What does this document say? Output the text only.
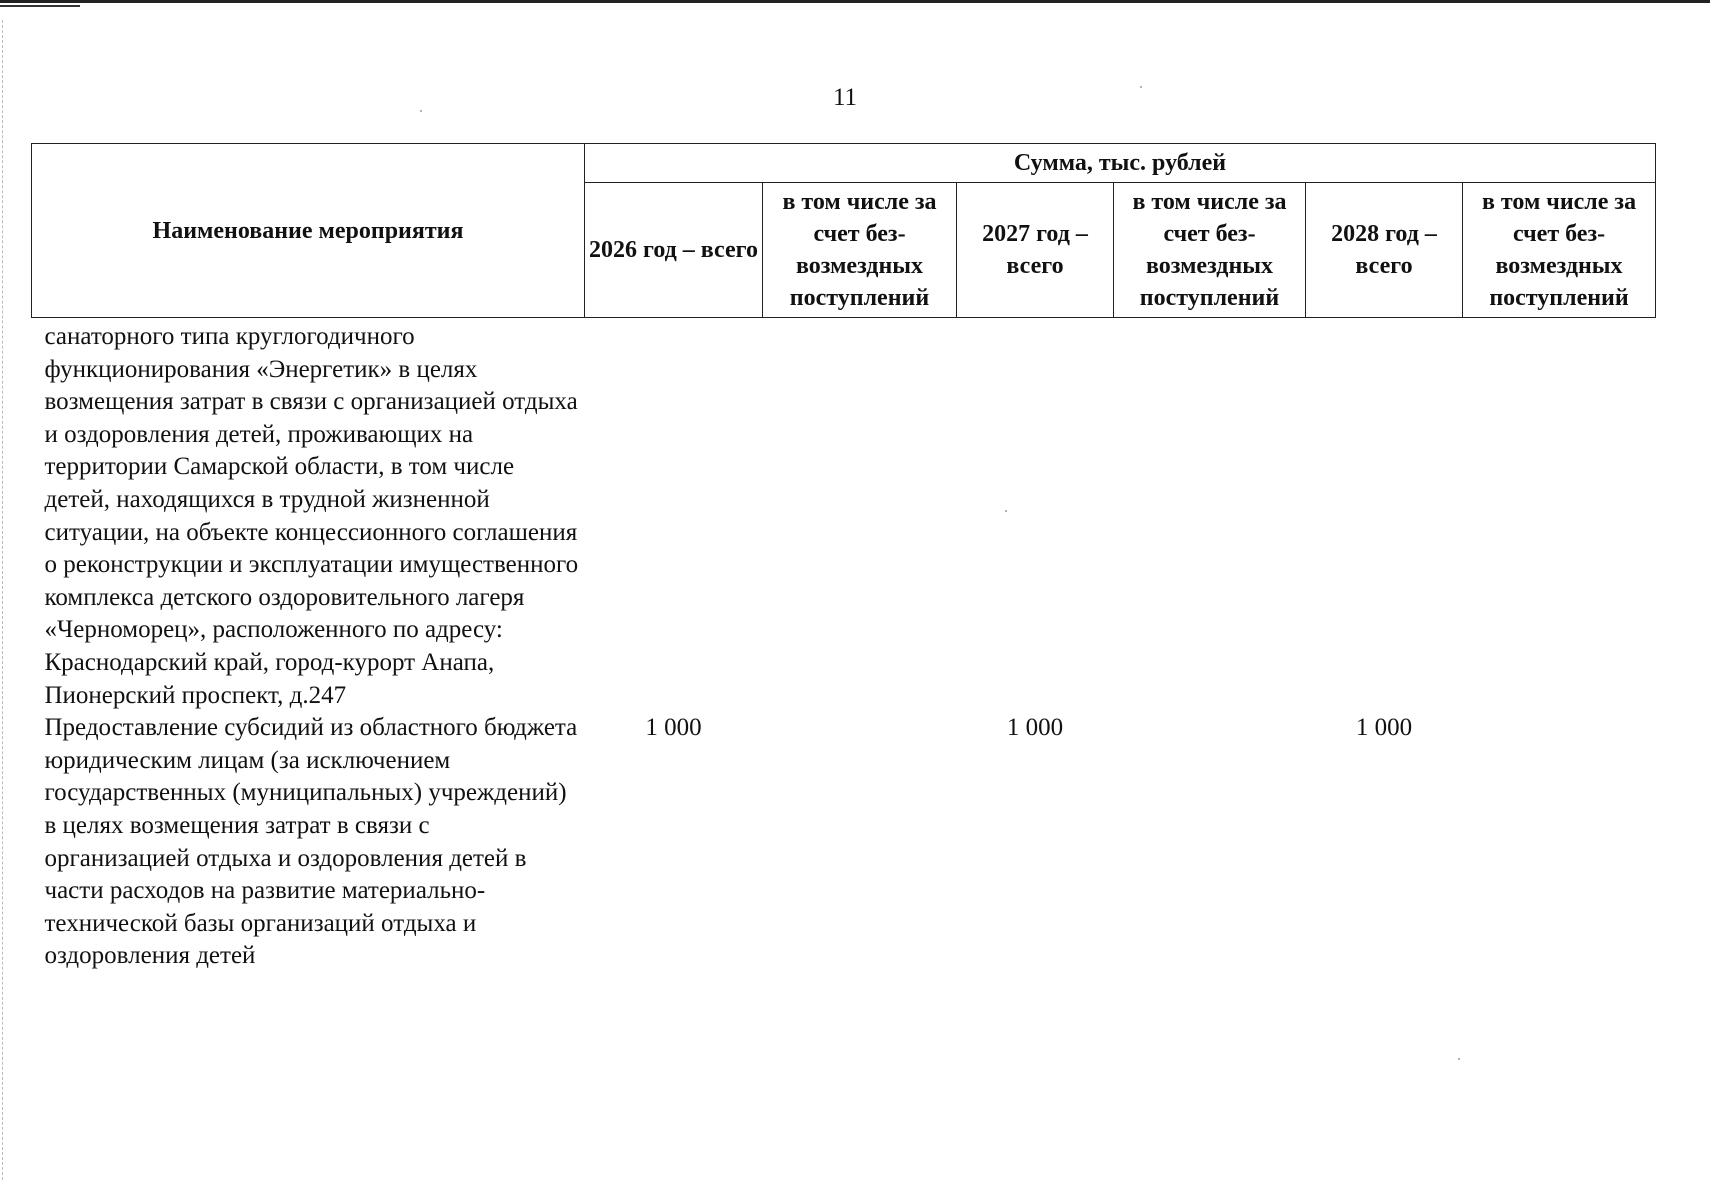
11
Наименование мероприятия	Сумма, тыс. рублей					
	2026 год – всего	в том числе за счет без-возмездных поступлений	2027 год – всего	в том числе за счет без-возмездных поступлений	2028 год – всего	в том числе за счет без-возмездных поступлений

санаторного типа круглогодичного функционирования «Энергетик» в целях возмещения затрат в связи с организацией отдыха и оздоровления детей, проживающих на территории Самарской области, в том числе детей, находящихся в трудной жизненной ситуации, на объекте концессионного соглашения о реконструкции и эксплуатации имущественного комплекса детского оздоровительного лагеря «Черноморец», расположенного по адресу: Краснодарский край, город-курорт Анапа, Пионерский проспект, д.247						

Предоставление субсидий из областного бюджета юридическим лицам (за исключением государственных (муниципальных) учреждений) в целях возмещения затрат в связи с организацией отдыха и оздоровления детей в части расходов на развитие материально-технической базы организаций отдыха и оздоровления детей	1 000		1 000		1 000	
